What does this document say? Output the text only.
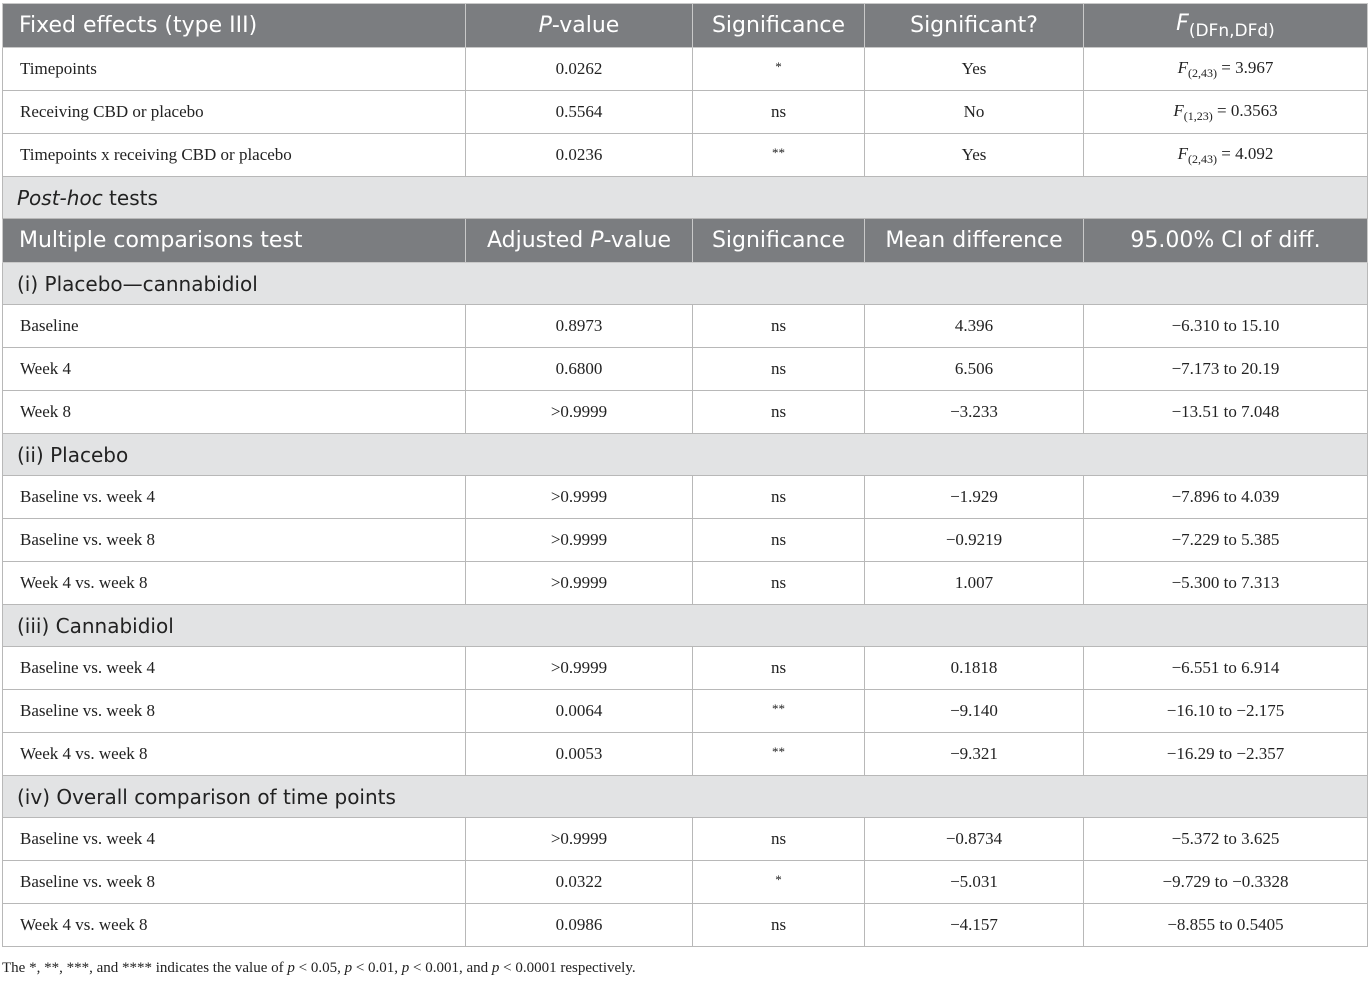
Fixed effects (type III)	P-value	Significance	Significant?	$F_{(DFn,DFd)}$
Timepoints	0.0262	*	Yes	$F_{(2,43)} = 3.967$
Receiving CBD or placebo	0.5564	ns	No	$F_{(1,23)} = 0.3563$
Timepoints x receiving CBD or placebo	0.0236	**	Yes	$F_{(2,43)} = 4.092$
Post-hoc tests				
Multiple comparisons test	Adjusted P-value	Significance	Mean difference	95.00% CI of diff.
(i) Placebo—cannabidiol				
Baseline	0.8973	ns	4.396	−6.310 to 15.10
Week 4	0.6800	ns	6.506	−7.173 to 20.19
Week 8	>0.9999	ns	−3.233	−13.51 to 7.048
(ii) Placebo				
Baseline vs. week 4	>0.9999	ns	−1.929	−7.896 to 4.039
Baseline vs. week 8	>0.9999	ns	−0.9219	−7.229 to 5.385
Week 4 vs. week 8	>0.9999	ns	1.007	−5.300 to 7.313
(iii) Cannabidiol				
Baseline vs. week 4	>0.9999	ns	0.1818	−6.551 to 6.914
Baseline vs. week 8	0.0064	**	−9.140	−16.10 to −2.175
Week 4 vs. week 8	0.0053	**	−9.321	−16.29 to −2.357
(iv) Overall comparison of time points				
Baseline vs. week 4	>0.9999	ns	−0.8734	−5.372 to 3.625
Baseline vs. week 8	0.0322	*	−5.031	−9.729 to −0.3328
Week 4 vs. week 8	0.0986	ns	−4.157	−8.855 to 0.5405
The *, **, ***, and **** indicates the value of p < 0.05, p < 0.01, p < 0.001, and p < 0.0001 respectively.
